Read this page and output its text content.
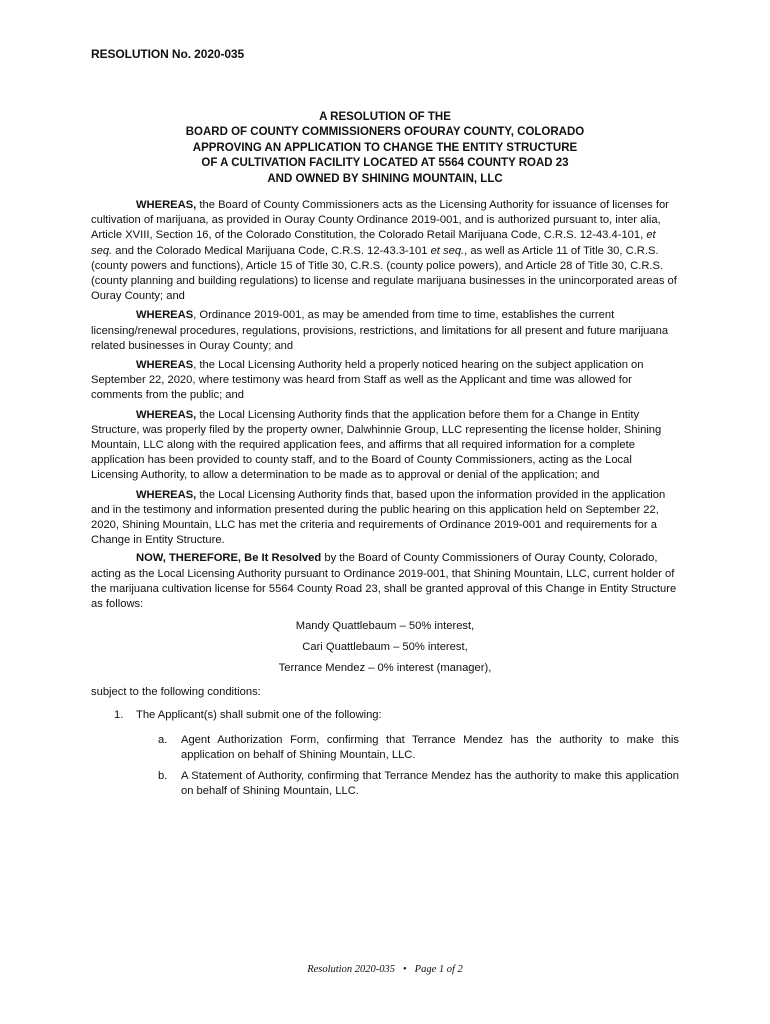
RESOLUTION No. 2020-035
A RESOLUTION OF THE
BOARD OF COUNTY COMMISSIONERS OFOURAY COUNTY, COLORADO
APPROVING AN APPLICATION TO CHANGE THE ENTITY STRUCTURE
OF A CULTIVATION FACILITY LOCATED AT 5564 COUNTY ROAD 23
AND OWNED BY SHINING MOUNTAIN, LLC

WHEREAS, the Board of County Commissioners acts as the Licensing Authority for issuance of licenses for cultivation of marijuana, as provided in Ouray County Ordinance 2019-001, and is authorized pursuant to, inter alia, Article XVIII, Section 16, of the Colorado Constitution, the Colorado Retail Marijuana Code, C.R.S. 12-43.4-101, et seq. and the Colorado Medical Marijuana Code, C.R.S. 12-43.3-101 et seq., as well as Article 11 of Title 30, C.R.S. (county powers and functions), Article 15 of Title 30, C.R.S. (county police powers), and Article 28 of Title 30, C.R.S. (county planning and building regulations) to license and regulate marijuana businesses in the unincorporated areas of Ouray County; and

WHEREAS, Ordinance 2019-001, as may be amended from time to time, establishes the current licensing/renewal procedures, regulations, provisions, restrictions, and limitations for all present and future marijuana related businesses in Ouray County; and

WHEREAS, the Local Licensing Authority held a properly noticed hearing on the subject application on September 22, 2020, where testimony was heard from Staff as well as the Applicant and time was allowed for comments from the public; and

WHEREAS, the Local Licensing Authority finds that the application before them for a Change in Entity Structure, was properly filed by the property owner, Dalwhinnie Group, LLC representing the license holder, Shining Mountain, LLC along with the required application fees, and affirms that all required information for a complete application has been provided to county staff, and to the Board of County Commissioners, acting as the Local Licensing Authority, to allow a determination to be made as to approval or denial of the application; and

WHEREAS, the Local Licensing Authority finds that, based upon the information provided in the application and in the testimony and information presented during the public hearing on this application held on September 22, 2020, Shining Mountain, LLC has met the criteria and requirements of Ordinance 2019-001 and requirements for a Change in Entity Structure.

NOW, THEREFORE, Be It Resolved by the Board of County Commissioners of Ouray County, Colorado, acting as the Local Licensing Authority pursuant to Ordinance 2019-001, that Shining Mountain, LLC, current holder of the marijuana cultivation license for 5564 County Road 23, shall be granted approval of this Change in Entity Structure as follows:

Mandy Quattlebaum – 50% interest,

Cari Quattlebaum – 50% interest,

Terrance Mendez – 0% interest (manager),

subject to the following conditions:

1.	The Applicant(s) shall submit one of the following:
a.	Agent Authorization Form, confirming that Terrance Mendez has the authority to make this application on behalf of Shining Mountain, LLC.
b.	A Statement of Authority, confirming that Terrance Mendez has the authority to make this application on behalf of Shining Mountain, LLC.
Resolution 2020-035 • Page 1 of 2
